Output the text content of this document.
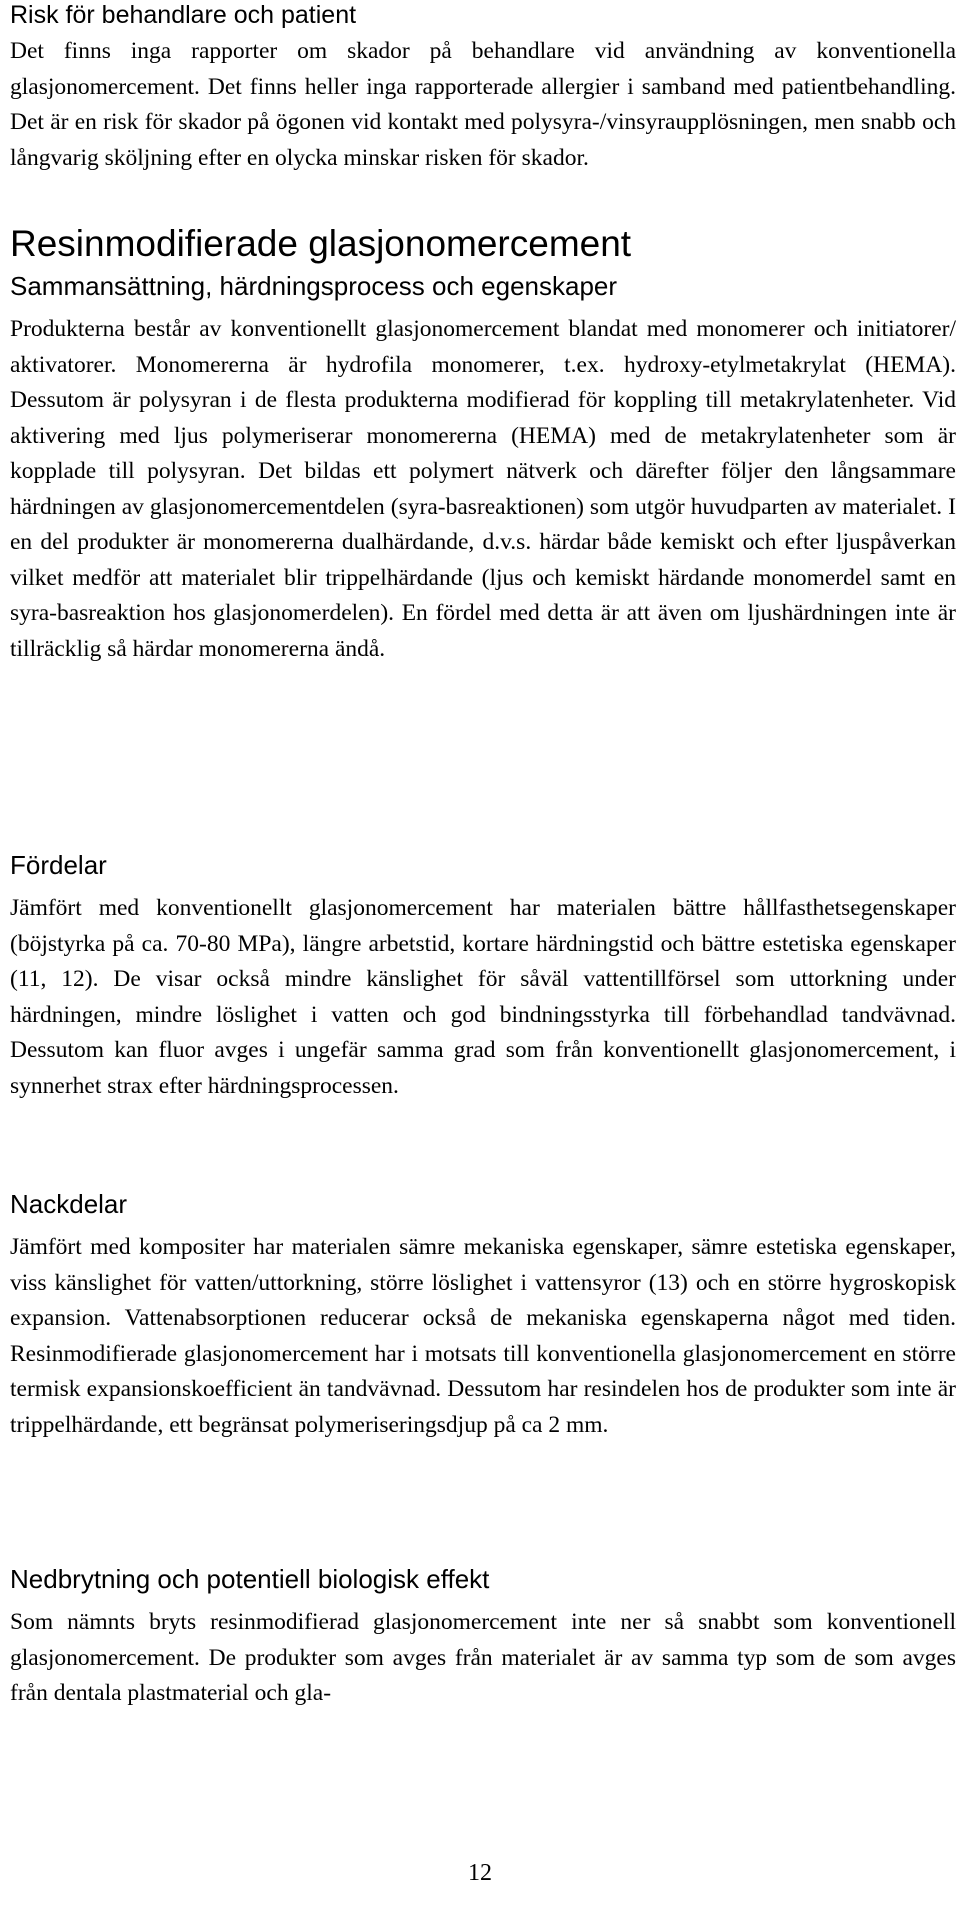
Risk för behandlare och patient

Det finns inga rapporter om skador på behandlare vid användning av konventionella glasjonomercement. Det finns heller inga rapporterade allergier i samband med patientbehandling. Det är en risk för skador på ögonen vid kontakt med polysyra-/vinsyraupplösningen, men snabb och långvarig sköljning efter en olycka minskar risken för skador.

Resinmodifierade glasjonomercement
Sammansättning, härdningsprocess och egenskaper

Produkterna består av konventionellt glasjonomercement blandat med monomerer och initiatorer/ aktivatorer. Monomererna är hydrofila monomerer, t.ex. hydroxy-etylmetakrylat (HEMA). Dessutom är polysyran i de flesta produkterna modifierad för koppling till metakrylatenheter. Vid aktivering med ljus polymeriserar monomererna (HEMA) med de metakrylatenheter som är kopplade till polysyran. Det bildas ett polymert nätverk och därefter följer den långsammare härdningen av glasjonomercementdelen (syra-basreaktionen) som utgör huvudparten av materialet. I en del produkter är monomererna dualhärdande, d.v.s. härdar både kemiskt och efter ljuspåverkan vilket medför att materialet blir trippelhärdande (ljus och kemiskt härdande monomerdel samt en syra-basreaktion hos glasjonomerdelen). En fördel med detta är att även om ljushärdningen inte är tillräcklig så härdar monomererna ändå.

Fördelar

Jämfört med konventionellt glasjonomercement har materialen bättre hållfasthetsegenskaper (böjstyrka på ca. 70-80 MPa), längre arbetstid, kortare härdningstid och bättre estetiska egenskaper (11, 12). De visar också mindre känslighet för såväl vattentillförsel som uttorkning under härdningen, mindre löslighet i vatten och god bindningsstyrka till förbehandlad tandvävnad. Dessutom kan fluor avges i ungefär samma grad som från konventionellt glasjonomercement, i synnerhet strax efter härdningsprocessen.

Nackdelar

Jämfört med kompositer har materialen sämre mekaniska egenskaper, sämre estetiska egenskaper, viss känslighet för vatten/uttorkning, större löslighet i vattensyror (13) och en större hygroskopisk expansion. Vattenabsorptionen reducerar också de mekaniska egenskaperna något med tiden. Resinmodifierade glasjonomercement har i motsats till konventionella glasjonomercement en större termisk expansionskoefficient än tandvävnad. Dessutom har resindelen hos de produkter som inte är trippelhärdande, ett begränsat polymeriseringsdjup på ca 2 mm.

Nedbrytning och potentiell biologisk effekt

Som nämnts bryts resinmodifierad glasjonomercement inte ner så snabbt som konventionell glasjonomercement. De produkter som avges från materialet är av samma typ som de som avges från dentala plastmaterial och gla-

12
